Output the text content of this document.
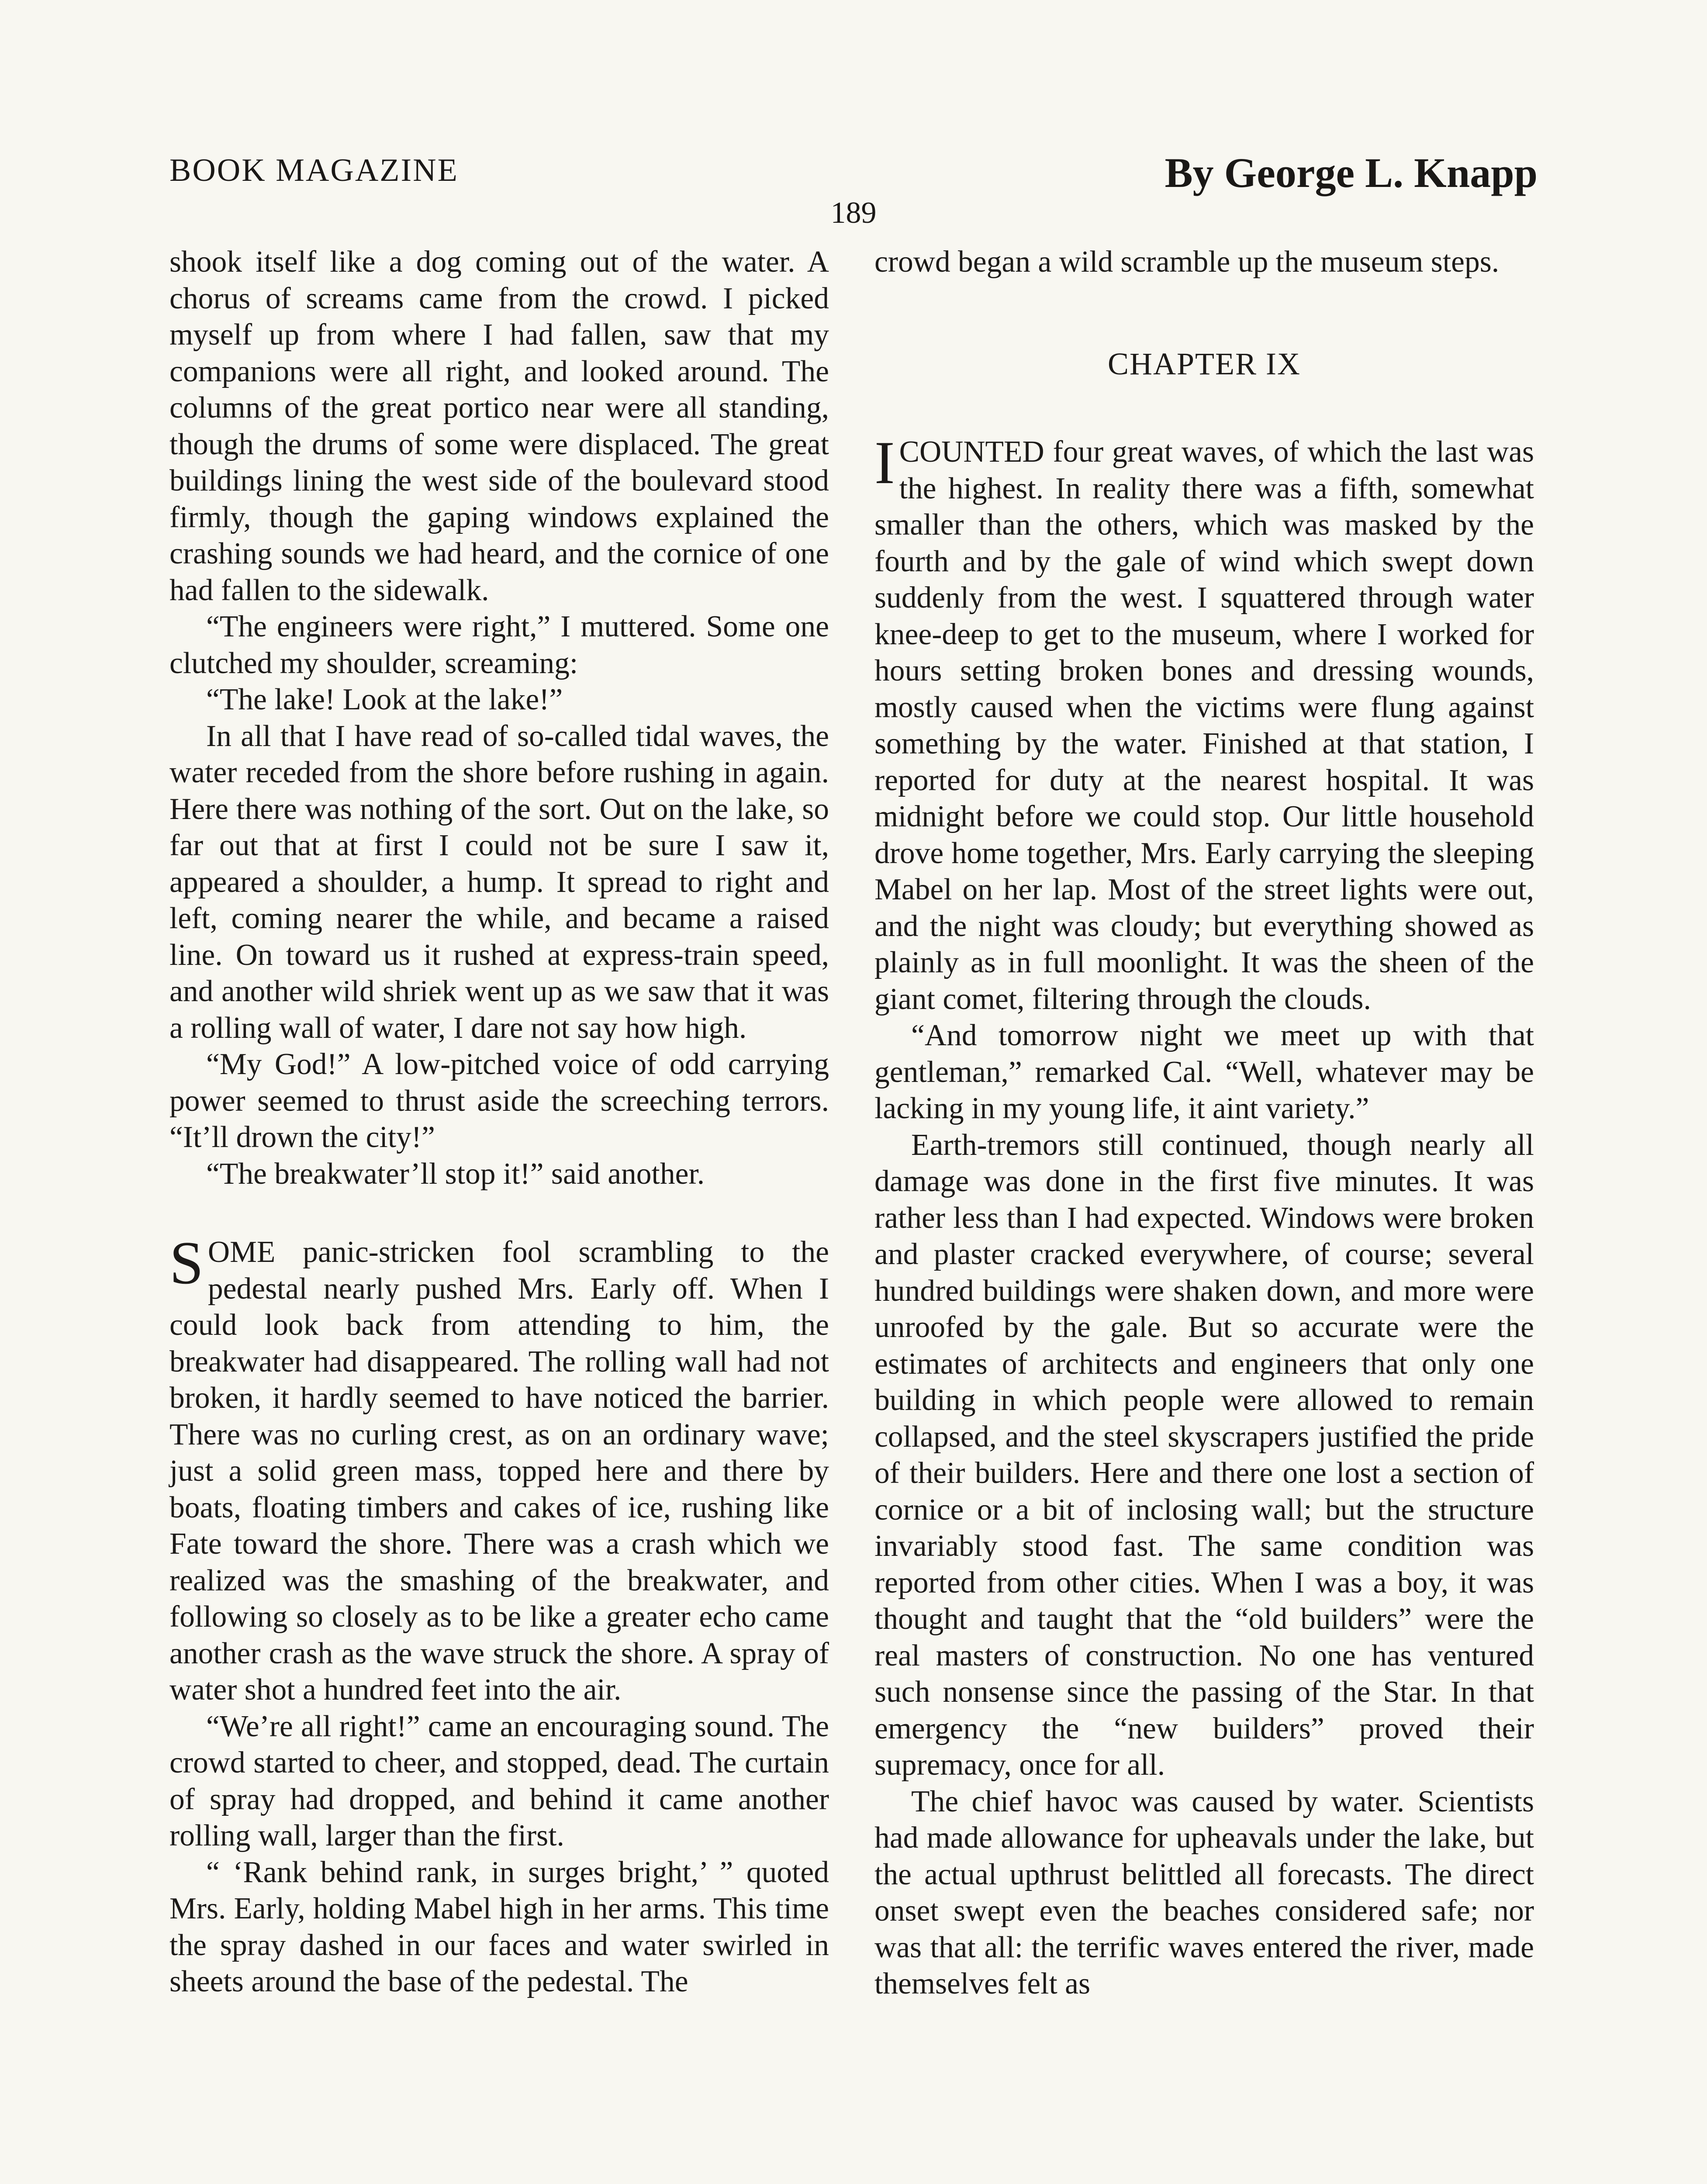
BOOK MAGAZINE	By George L. Knapp
189

shook itself like a dog coming out of the water. A chorus of screams came from the crowd. I picked myself up from where I had fallen, saw that my companions were all right, and looked around. The columns of the great portico near were all standing, though the drums of some were displaced. The great buildings lining the west side of the boulevard stood firmly, though the gaping windows explained the crashing sounds we had heard, and the cornice of one had fallen to the sidewalk.

“The engineers were right,” I muttered. Some one clutched my shoulder, screaming:

“The lake! Look at the lake!”

In all that I have read of so-called tidal waves, the water receded from the shore before rushing in again. Here there was nothing of the sort. Out on the lake, so far out that at first I could not be sure I saw it, appeared a shoulder, a hump. It spread to right and left, coming nearer the while, and became a raised line. On toward us it rushed at express-train speed, and another wild shriek went up as we saw that it was a rolling wall of water, I dare not say how high.

“My God!” A low-pitched voice of odd carrying power seemed to thrust aside the screeching terrors. “It’ll drown the city!”

“The breakwater’ll stop it!” said another.

SOME panic-stricken fool scrambling to the pedestal nearly pushed Mrs. Early off. When I could look back from attending to him, the breakwater had disappeared. The rolling wall had not broken, it hardly seemed to have noticed the barrier. There was no curling crest, as on an ordinary wave; just a solid green mass, topped here and there by boats, floating timbers and cakes of ice, rushing like Fate toward the shore. There was a crash which we realized was the smashing of the breakwater, and following so closely as to be like a greater echo came another crash as the wave struck the shore. A spray of water shot a hundred feet into the air.

“We’re all right!” came an encouraging sound. The crowd started to cheer, and stopped, dead. The curtain of spray had dropped, and behind it came another rolling wall, larger than the first.

“ ‘Rank behind rank, in surges bright,’ ” quoted Mrs. Early, holding Mabel high in her arms. This time the spray dashed in our faces and water swirled in sheets around the base of the pedestal. The

crowd began a wild scramble up the museum steps.

CHAPTER IX

ICOUNTED four great waves, of which the last was the highest. In reality there was a fifth, somewhat smaller than the others, which was masked by the fourth and by the gale of wind which swept down suddenly from the west. I squattered through water knee-deep to get to the museum, where I worked for hours setting broken bones and dressing wounds, mostly caused when the victims were flung against something by the water. Finished at that station, I reported for duty at the nearest hospital. It was midnight before we could stop. Our little household drove home together, Mrs. Early carrying the sleeping Mabel on her lap. Most of the street lights were out, and the night was cloudy; but everything showed as plainly as in full moonlight. It was the sheen of the giant comet, filtering through the clouds.

“And tomorrow night we meet up with that gentleman,” remarked Cal. “Well, whatever may be lacking in my young life, it aint variety.”

Earth-tremors still continued, though nearly all damage was done in the first five minutes. It was rather less than I had expected. Windows were broken and plaster cracked everywhere, of course; several hundred buildings were shaken down, and more were unroofed by the gale. But so accurate were the estimates of architects and engineers that only one building in which people were allowed to remain collapsed, and the steel skyscrapers justified the pride of their builders. Here and there one lost a section of cornice or a bit of inclosing wall; but the structure invariably stood fast. The same condition was reported from other cities. When I was a boy, it was thought and taught that the “old builders” were the real masters of construction. No one has ventured such nonsense since the passing of the Star. In that emergency the “new builders” proved their supremacy, once for all.

The chief havoc was caused by water. Scientists had made allowance for upheavals under the lake, but the actual upthrust belittled all forecasts. The direct onset swept even the beaches considered safe; nor was that all: the terrific waves entered the river, made themselves felt as
